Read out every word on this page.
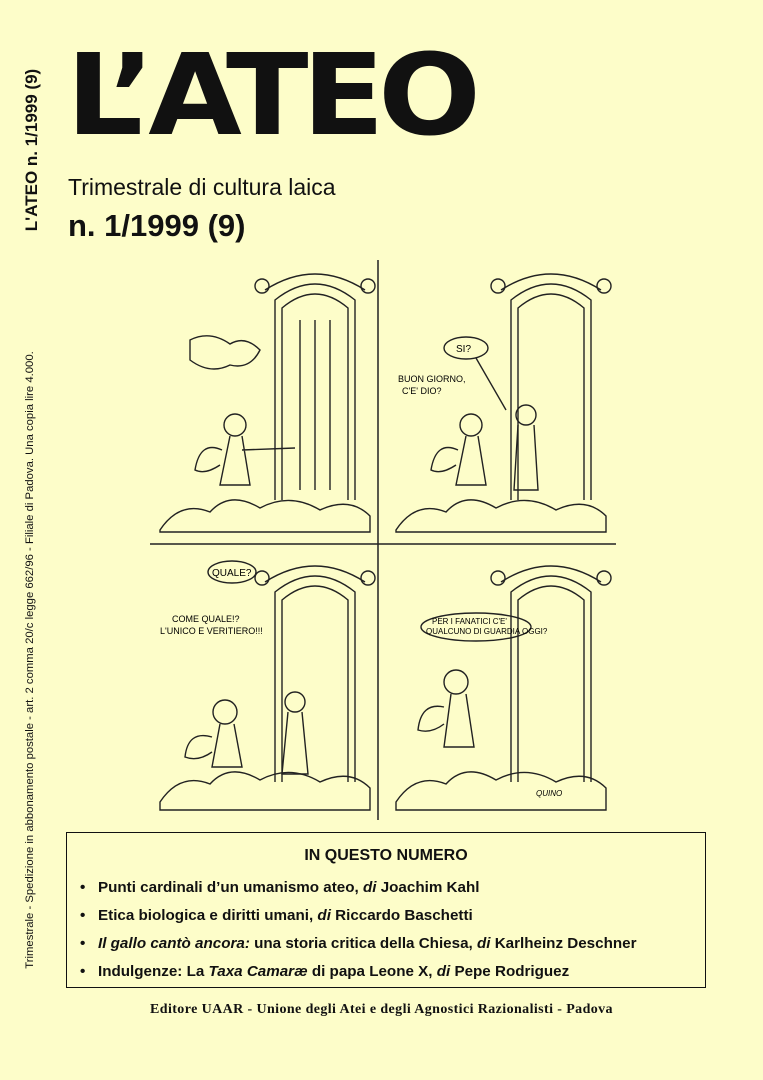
L'ATEO n. 1/1999 (9)
Trimestrale - Spedizione in abbonamento postale - art. 2 comma 20/c legge 662/96 - Filiale di Padova. Una copia lire 4.000.
L’ATEO
Trimestrale di cultura laica
n. 1/1999 (9)
SI?
BUON GIORNO,
C'E' DIO?
QUALE?
COME QUALE!?
L'UNICO E VERITIERO!!!
PER I FANATICI C'E'
QUALCUNO DI GUARDIA OGGI?
QUINO
IN QUESTO NUMERO
• Punti cardinali d’un umanismo ateo, di Joachim Kahl
• Etica biologica e diritti umani, di Riccardo Baschetti
• Il gallo cantò ancora: una storia critica della Chiesa, di Karlheinz Deschner
• Indulgenze: La Taxa Camaræ di papa Leone X, di Pepe Rodriguez
Editore UAAR - Unione degli Atei e degli Agnostici Razionalisti - Padova
